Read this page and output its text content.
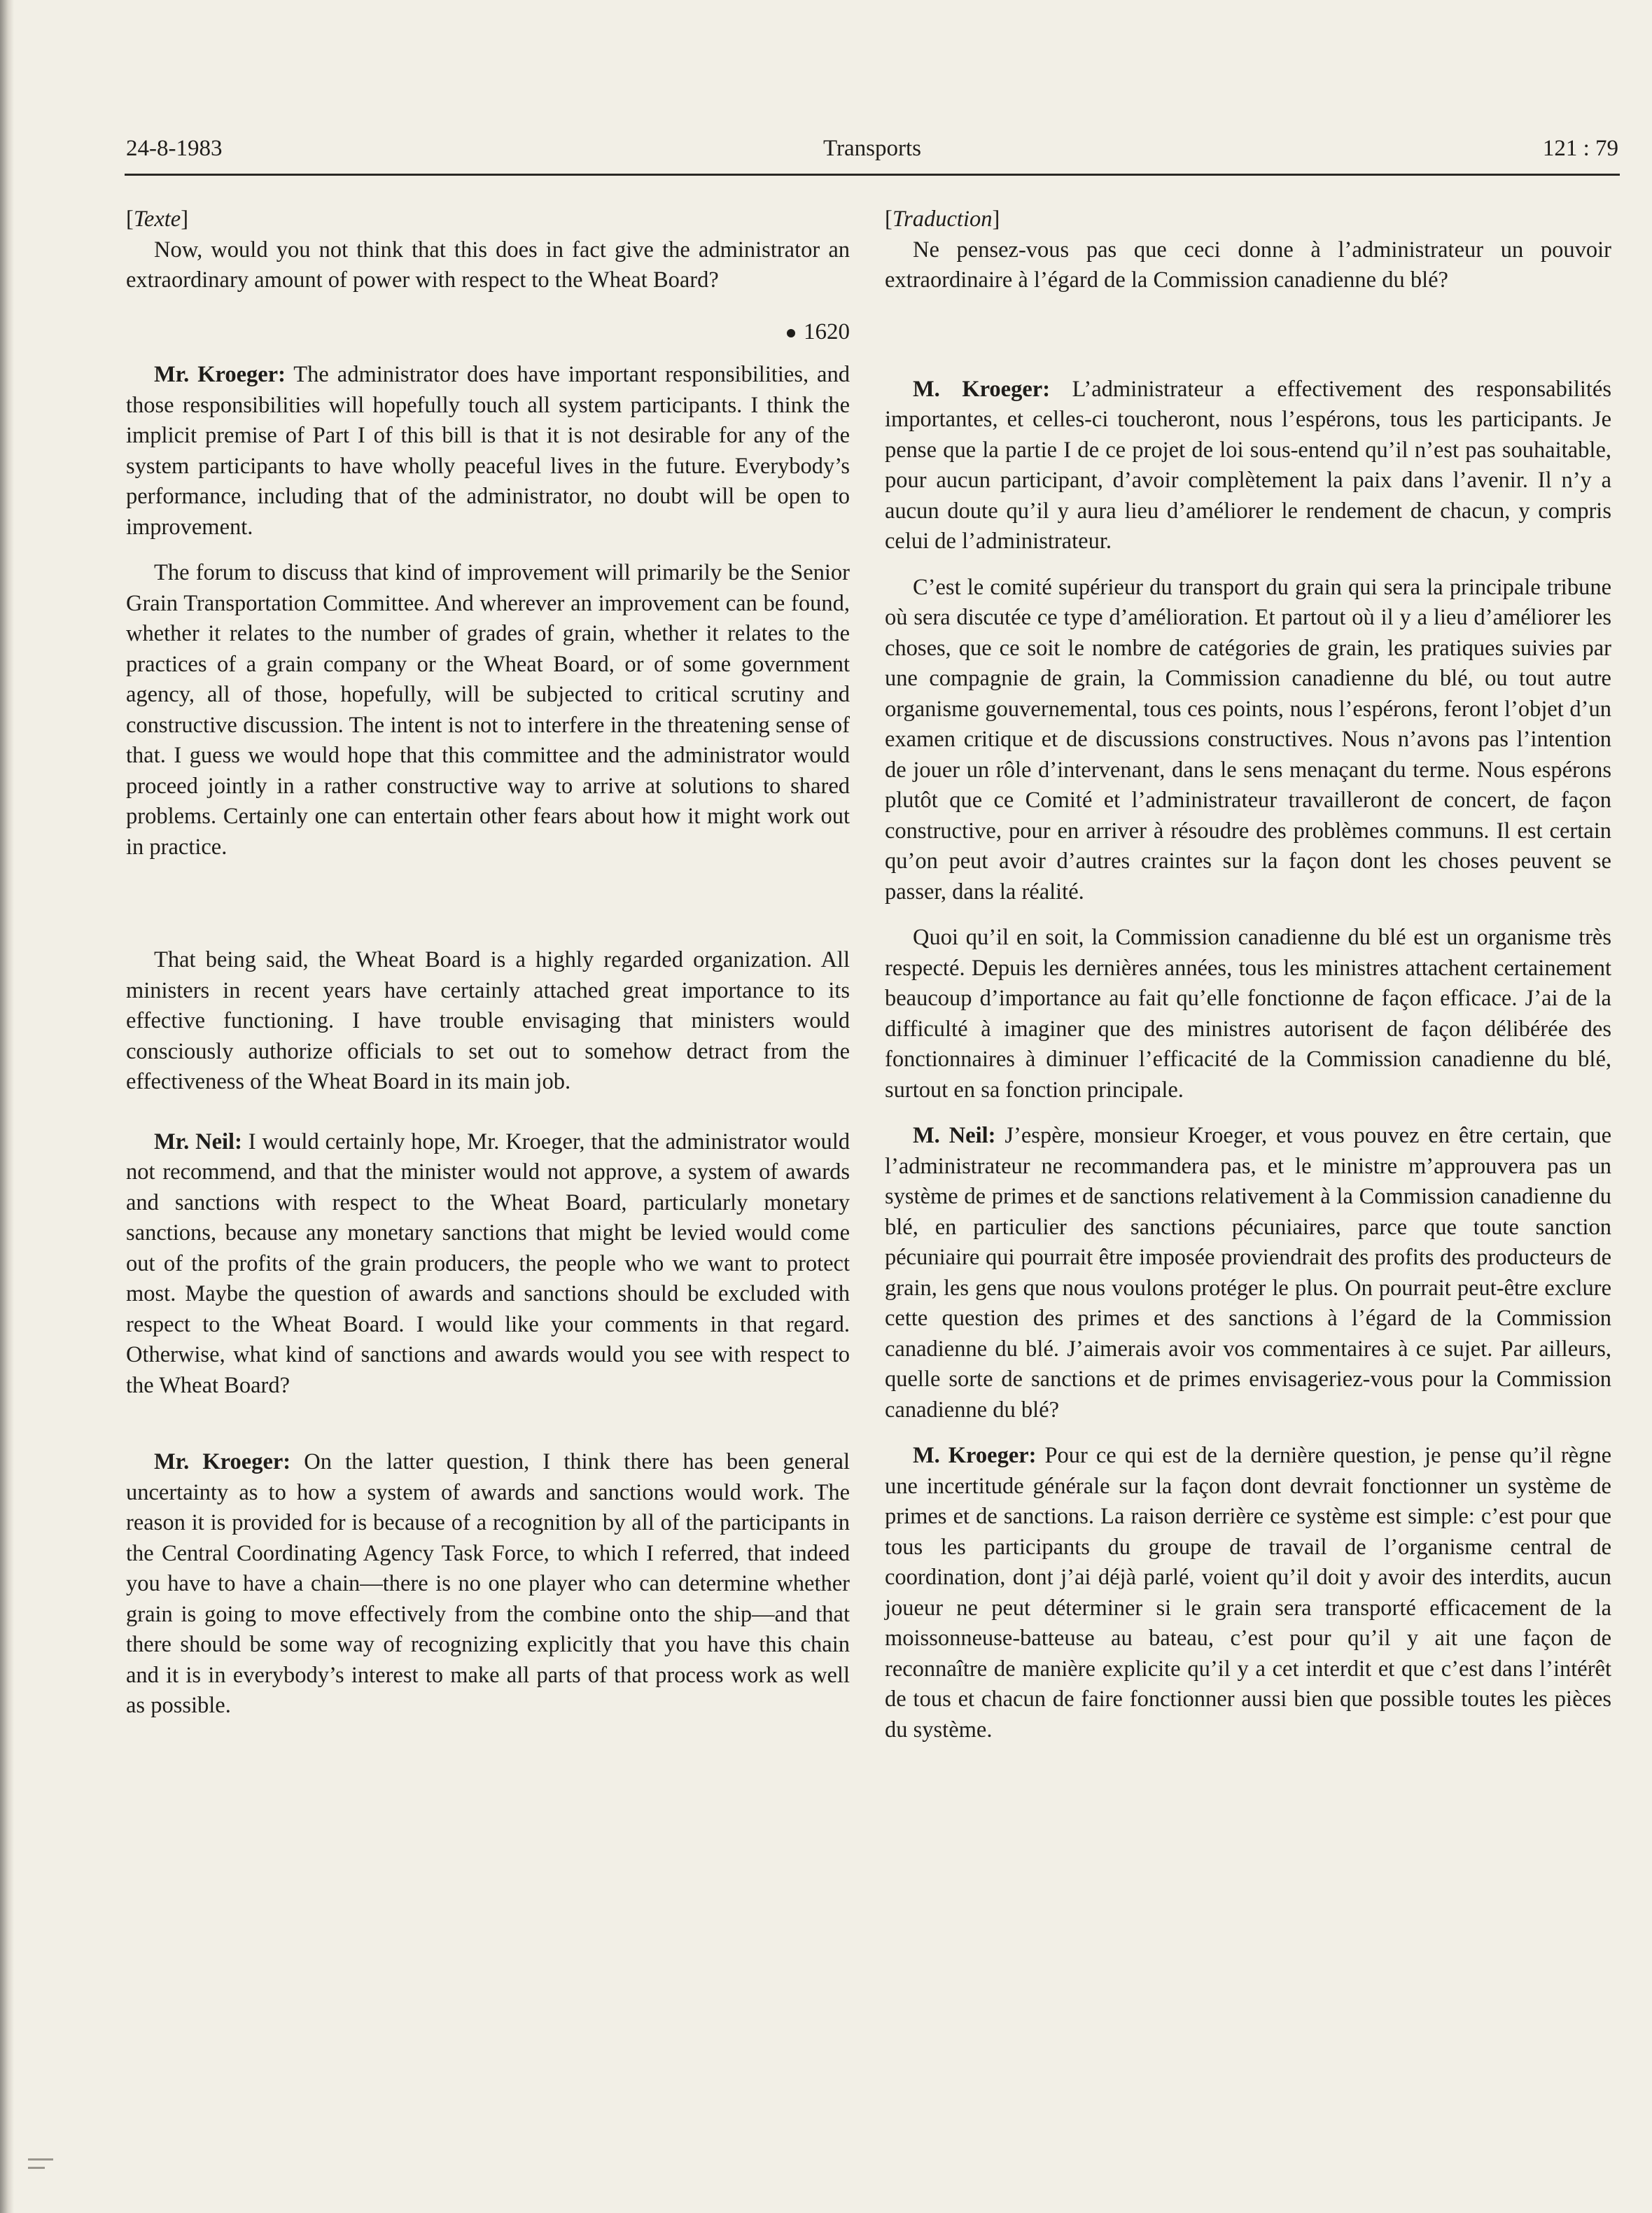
24-8-1983	Transports	121 : 79
[Texte]

Now, would you not think that this does in fact give the administrator an extraordinary amount of power with respect to the Wheat Board?

1620

Mr. Kroeger: The administrator does have important responsibilities, and those responsibilities will hopefully touch all system participants. I think the implicit premise of Part I of this bill is that it is not desirable for any of the system participants to have wholly peaceful lives in the future. Everybody’s performance, including that of the administrator, no doubt will be open to improvement.

The forum to discuss that kind of improvement will primarily be the Senior Grain Transportation Committee. And wherever an improvement can be found, whether it relates to the number of grades of grain, whether it relates to the practices of a grain company or the Wheat Board, or of some government agency, all of those, hopefully, will be subjected to critical scrutiny and constructive discussion. The intent is not to interfere in the threatening sense of that. I guess we would hope that this committee and the administrator would proceed jointly in a rather constructive way to arrive at solutions to shared problems. Certainly one can entertain other fears about how it might work out in practice.

That being said, the Wheat Board is a highly regarded organization. All ministers in recent years have certainly attached great importance to its effective functioning. I have trouble envisaging that ministers would consciously authorize officials to set out to somehow detract from the effectiveness of the Wheat Board in its main job.

Mr. Neil: I would certainly hope, Mr. Kroeger, that the administrator would not recommend, and that the minister would not approve, a system of awards and sanctions with respect to the Wheat Board, particularly monetary sanctions, because any monetary sanctions that might be levied would come out of the profits of the grain producers, the people who we want to protect most. Maybe the question of awards and sanctions should be excluded with respect to the Wheat Board. I would like your comments in that regard. Otherwise, what kind of sanctions and awards would you see with respect to the Wheat Board?

Mr. Kroeger: On the latter question, I think there has been general uncertainty as to how a system of awards and sanctions would work. The reason it is provided for is because of a recognition by all of the participants in the Central Coordinating Agency Task Force, to which I referred, that indeed you have to have a chain—there is no one player who can determine whether grain is going to move effectively from the combine onto the ship—and that there should be some way of recognizing explicitly that you have this chain and it is in everybody’s interest to make all parts of that process work as well as possible.

[Traduction]

Ne pensez-vous pas que ceci donne à l’administrateur un pouvoir extraordinaire à l’égard de la Commission canadienne du blé?

M. Kroeger: L’administrateur a effectivement des responsabilités importantes, et celles-ci toucheront, nous l’espérons, tous les participants. Je pense que la partie I de ce projet de loi sous-entend qu’il n’est pas souhaitable, pour aucun participant, d’avoir complètement la paix dans l’avenir. Il n’y a aucun doute qu’il y aura lieu d’améliorer le rendement de chacun, y compris celui de l’administrateur.

C’est le comité supérieur du transport du grain qui sera la principale tribune où sera discutée ce type d’amélioration. Et partout où il y a lieu d’améliorer les choses, que ce soit le nombre de catégories de grain, les pratiques suivies par une compagnie de grain, la Commission canadienne du blé, ou tout autre organisme gouvernemental, tous ces points, nous l’espérons, feront l’objet d’un examen critique et de discussions constructives. Nous n’avons pas l’intention de jouer un rôle d’intervenant, dans le sens menaçant du terme. Nous espérons plutôt que ce Comité et l’administrateur travailleront de concert, de façon constructive, pour en arriver à résoudre des problèmes communs. Il est certain qu’on peut avoir d’autres craintes sur la façon dont les choses peuvent se passer, dans la réalité.

Quoi qu’il en soit, la Commission canadienne du blé est un organisme très respecté. Depuis les dernières années, tous les ministres attachent certainement beaucoup d’importance au fait qu’elle fonctionne de façon efficace. J’ai de la difficulté à imaginer que des ministres autorisent de façon délibérée des fonctionnaires à diminuer l’efficacité de la Commission canadienne du blé, surtout en sa fonction principale.

M. Neil: J’espère, monsieur Kroeger, et vous pouvez en être certain, que l’administrateur ne recommandera pas, et le ministre m’approuvera pas un système de primes et de sanctions relativement à la Commission canadienne du blé, en particulier des sanctions pécuniaires, parce que toute sanction pécuniaire qui pourrait être imposée proviendrait des profits des producteurs de grain, les gens que nous voulons protéger le plus. On pourrait peut-être exclure cette question des primes et des sanctions à l’égard de la Commission canadienne du blé. J’aimerais avoir vos commentaires à ce sujet. Par ailleurs, quelle sorte de sanctions et de primes envisageriez-vous pour la Commission canadienne du blé?

M. Kroeger: Pour ce qui est de la dernière question, je pense qu’il règne une incertitude générale sur la façon dont devrait fonctionner un système de primes et de sanctions. La raison derrière ce système est simple: c’est pour que tous les participants du groupe de travail de l’organisme central de coordination, dont j’ai déjà parlé, voient qu’il doit y avoir des interdits, aucun joueur ne peut déterminer si le grain sera transporté efficacement de la moissonneuse-batteuse au bateau, c’est pour qu’il y ait une façon de reconnaître de manière explicite qu’il y a cet interdit et que c’est dans l’intérêt de tous et chacun de faire fonctionner aussi bien que possible toutes les pièces du système.
